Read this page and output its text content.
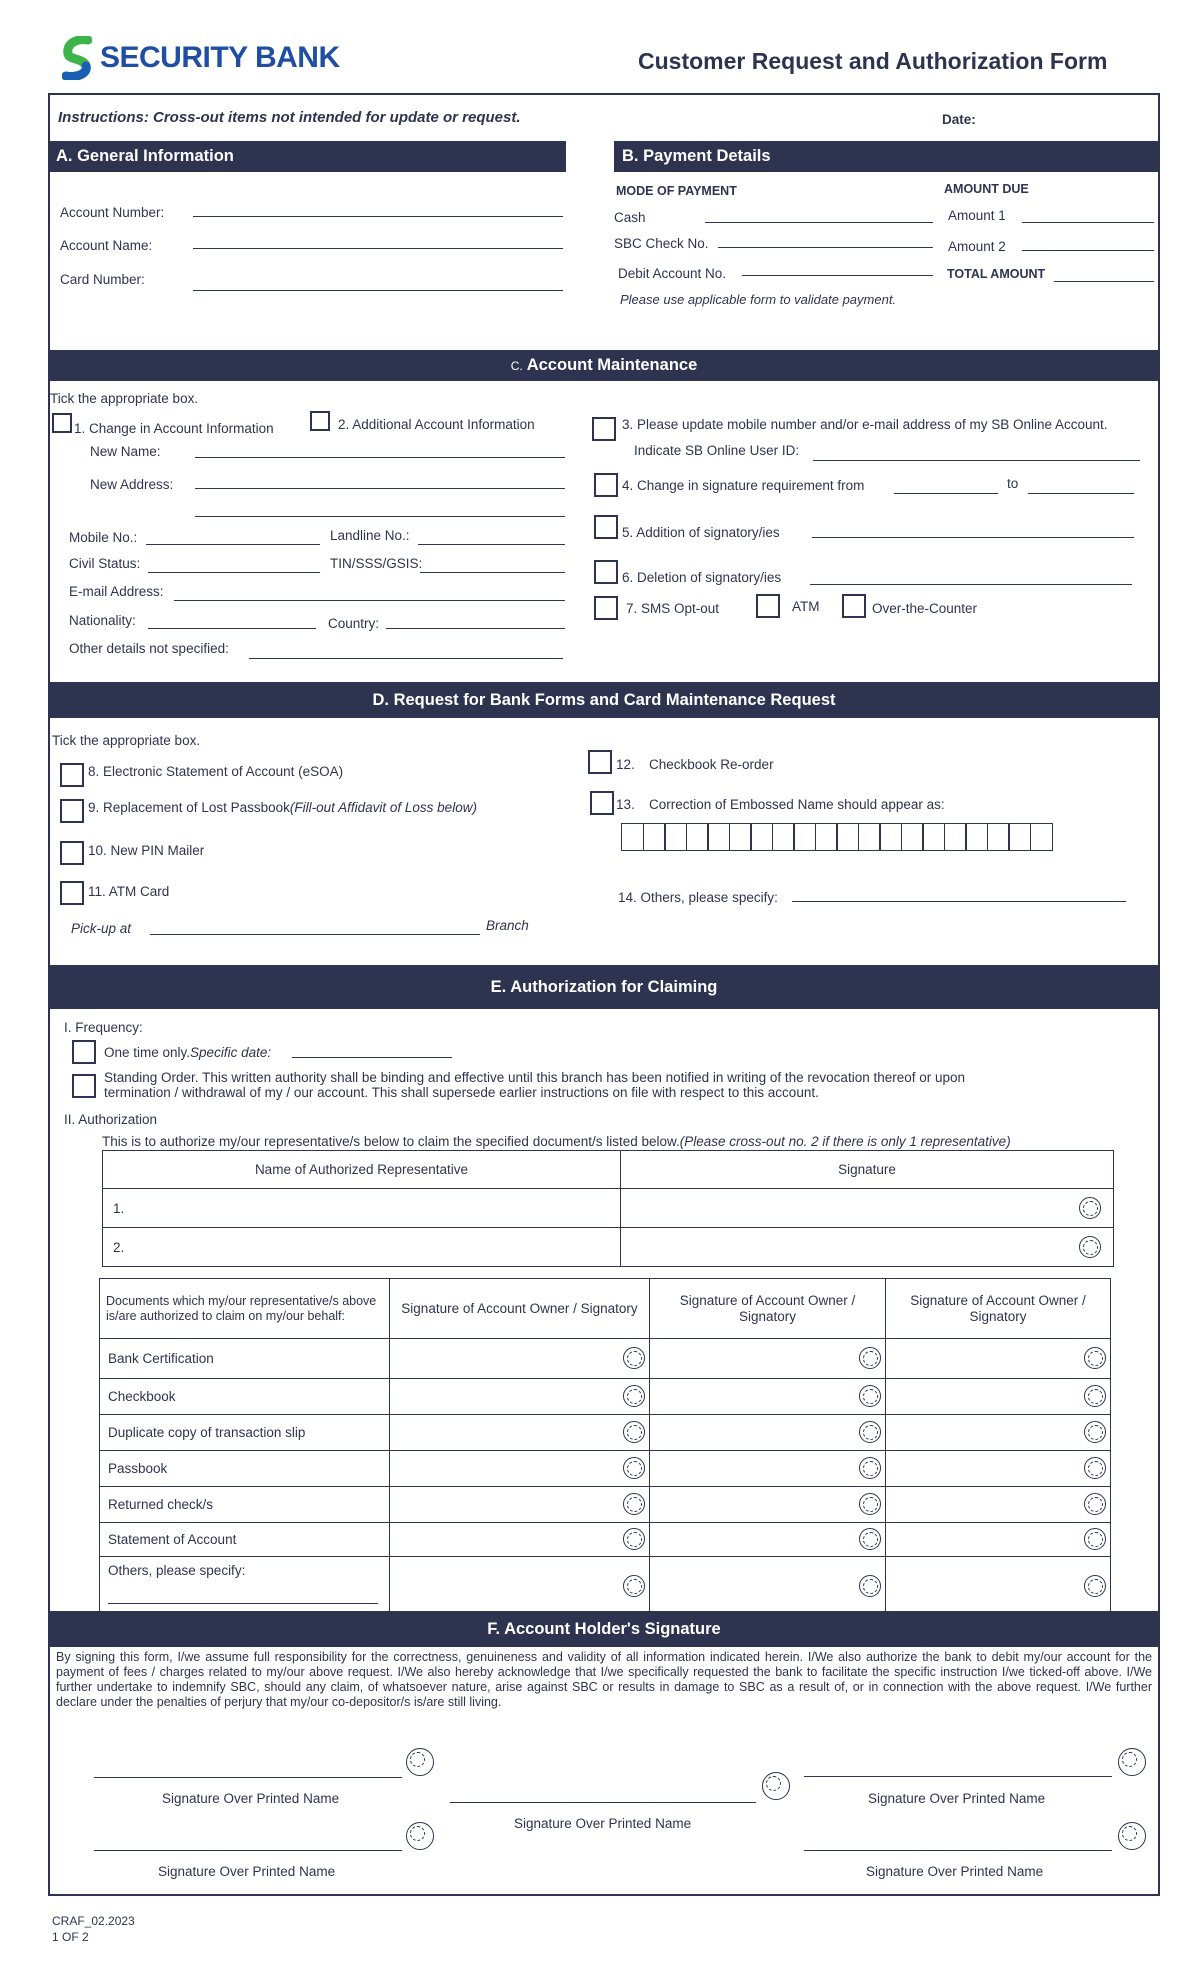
SECURITY BANK	Customer Request and Authorization Form
Instructions: Cross-out items not intended for update or request.	Date:
A. General Information
Account Number:
Account Name:
Card Number:
B. Payment Details
MODE OF PAYMENT
Cash
SBC Check No.
Debit Account No.
Please use applicable form to validate payment.
AMOUNT DUE
Amount 1
Amount 2
TOTAL AMOUNT
C. Account Maintenance
Tick the appropriate box.
1. Change in Account Information	2. Additional Account Information
New Name:
New Address:
Mobile No.:	Landline No.:
Civil Status:	TIN/SSS/GSIS:
E-mail Address:
Nationality:	Country:
Other details not specified:
3. Please update mobile number and/or e-mail address of my SB Online Account.
Indicate SB Online User ID:
4. Change in signature requirement from	to
5. Addition of signatory/ies
6. Deletion of signatory/ies
7. SMS Opt-out	ATM	Over-the-Counter
D. Request for Bank Forms and Card Maintenance Request
Tick the appropriate box.
8. Electronic Statement of Account (eSOA)
9. Replacement of Lost Passbook(Fill-out Affidavit of Loss below)
10. New PIN Mailer
11. ATM Card
Pick-up at	Branch
12. Checkbook Re-order
13. Correction of Embossed Name should appear as:
14. Others, please specify:
E. Authorization for Claiming
I. Frequency:
One time only.Specific date:
Standing Order. This written authority shall be binding and effective until this branch has been notified in writing of the revocation thereof or upon
termination / withdrawal of my / our account. This shall supersede earlier instructions on file with respect to this account.
II. Authorization
This is to authorize my/our representative/s below to claim the specified document/s listed below.(Please cross-out no. 2 if there is only 1 representative)
Name of Authorized Representative	Signature
1.	

2.	
Documents which my/our representative/s above is/are authorized to claim on my/our behalf:	Signature of Account Owner / Signatory	Signature of Account Owner / Signatory	Signature of Account Owner / Signatory
Bank Certification	

Checkbook	

Duplicate copy of transaction slip	

Passbook	

Returned check/s	

Statement of Account	

Others, please specify:

F. Account Holder's Signature
By signing this form, I/we assume full responsibility for the correctness, genuineness and validity of all information indicated herein. I/We also authorize the bank to debit my/our account for the payment of fees / charges related to my/our above request. I/We also hereby acknowledge that I/we specifically requested the bank to facilitate the specific instruction I/we ticked-off above. I/We further undertake to indemnify SBC, should any claim, of whatsoever nature, arise against SBC or results in damage to SBC as a result of, or in connection with the above request. I/We further declare under the penalties of perjury that my/our co-depositor/s is/are still living.
Signature Over Printed Name
Signature Over Printed Name
Signature Over Printed Name
Signature Over Printed Name	Signature Over Printed Name
CRAF_02.2023
1 OF 2
